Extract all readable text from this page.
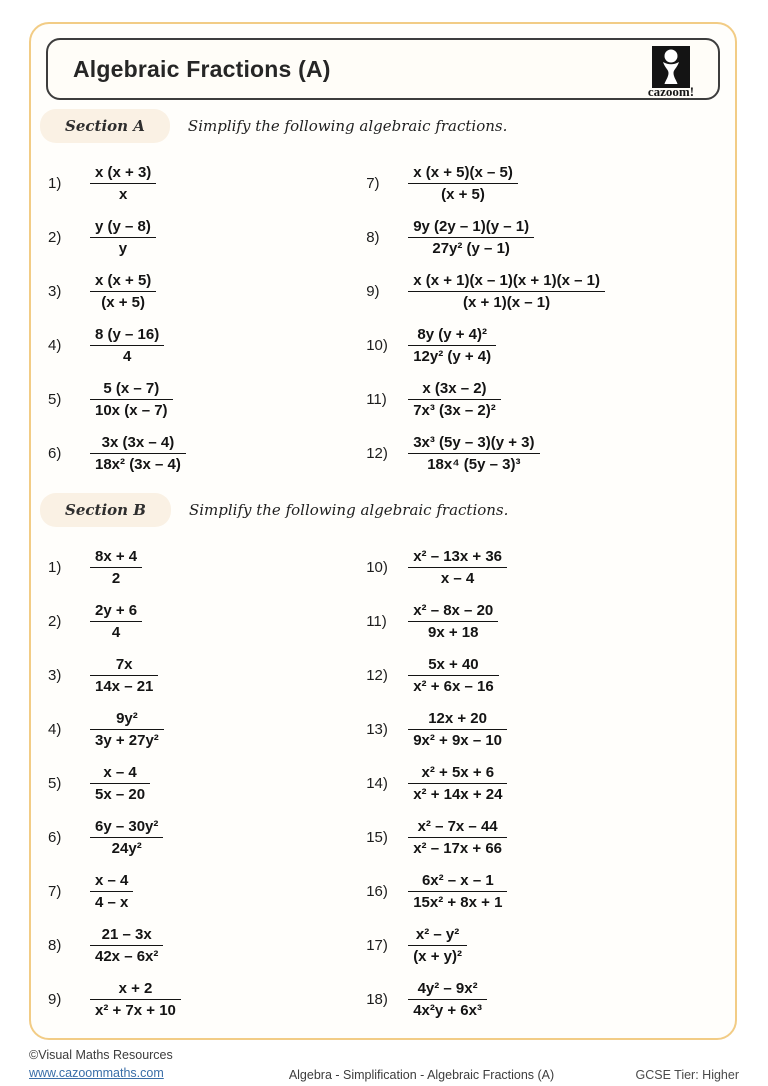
Algebraic Fractions (A)
cazoom!
Section A	Simplify the following algebraic fractions.
1)	$\frac{x (x + 3)}{x}$
2)	$\frac{y (y - 8)}{y}$
3)	$\frac{x (x + 5)}{(x + 5)}$
4)	$\frac{8 (y - 16)}{4}$
5)	$\frac{5 (x - 7)}{10x (x - 7)}$
6)	$\frac{3x (3x - 4)}{\text{18x² (3x – 4)}}$
7)	$\frac{x (x + 5)(x - 5)}{(x + 5)}$
8)	$\frac{9y (2y - 1)(y - 1)}{\text{27y² (y – 1)}}$
9)	$\frac{x (x + 1)(x - 1)(x + 1)(x - 1)}{(x + 1)(x - 1)}$
10)	$\frac{\text{8y (y + 4)²}}{\text{12y² (y + 4)}}$
11)	$\frac{x (3x - 2)}{\text{7x³ (3x – 2)²}}$
12)	$\frac{\text{3x³ (5y – 3)(y + 3)}}{\text{18x⁴ (5y – 3)³}}$
Section B	Simplify the following algebraic fractions.
1)	$\frac{8x + 4}{2}$
2)	$\frac{2y + 6}{4}$
3)	$\frac{7x}{14x - 21}$
4)	$\frac{\text{9y²}}{\text{3y + 27y²}}$
5)	$\frac{x - 4}{5x - 20}$
6)	$\frac{\text{6y – 30y²}}{\text{24y²}}$
7)	$\frac{x - 4}{4 - x}$
8)	$\frac{21 - 3x}{\text{42x – 6x²}}$
9)	$\frac{x + 2}{\text{x² + 7x + 10}}$
10)	$\frac{\text{x² – 13x + 36}}{x - 4}$
11)	$\frac{\text{x² – 8x – 20}}{9x + 18}$
12)	$\frac{5x + 40}{\text{x² + 6x – 16}}$
13)	$\frac{12x + 20}{\text{9x² + 9x – 10}}$
14)	$\frac{\text{x² + 5x + 6}}{\text{x² + 14x + 24}}$
15)	$\frac{\text{x² – 7x – 44}}{\text{x² – 17x + 66}}$
16)	$\frac{\text{6x² – x – 1}}{\text{15x² + 8x + 1}}$
17)	$\frac{\text{x² – y²}}{\text{(x + y)²}}$
18)	$\frac{\text{4y² – 9x²}}{\text{4x²y + 6x³}}$
©Visual Maths Resources
www.cazoommaths.com	Algebra - Simplification - Algebraic Fractions (A)	GCSE Tier: Higher
